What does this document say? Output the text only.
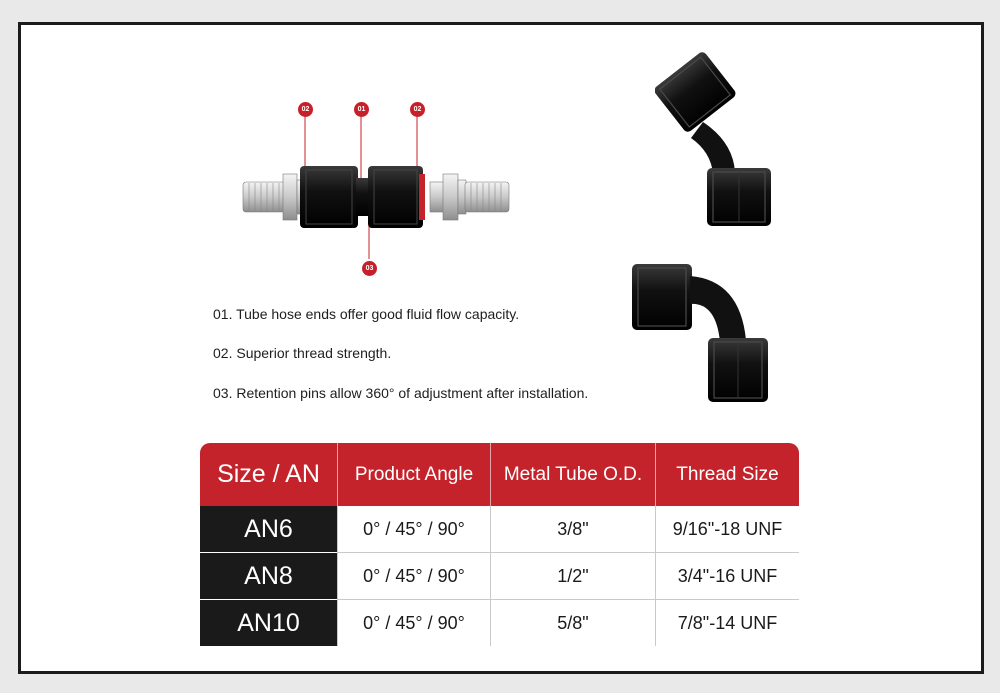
02	01	02
03
01. Tube hose ends offer good fluid flow capacity.
02. Superior thread strength.
03. Retention pins allow 360° of adjustment after installation.
Size / AN	Product Angle	Metal Tube O.D.	Thread Size
AN6	0° / 45° / 90°	3/8"	9/16"-18 UNF
AN8	0° / 45° / 90°	1/2"	3/4"-16 UNF
AN10	0° / 45° / 90°	5/8"	7/8"-14 UNF
